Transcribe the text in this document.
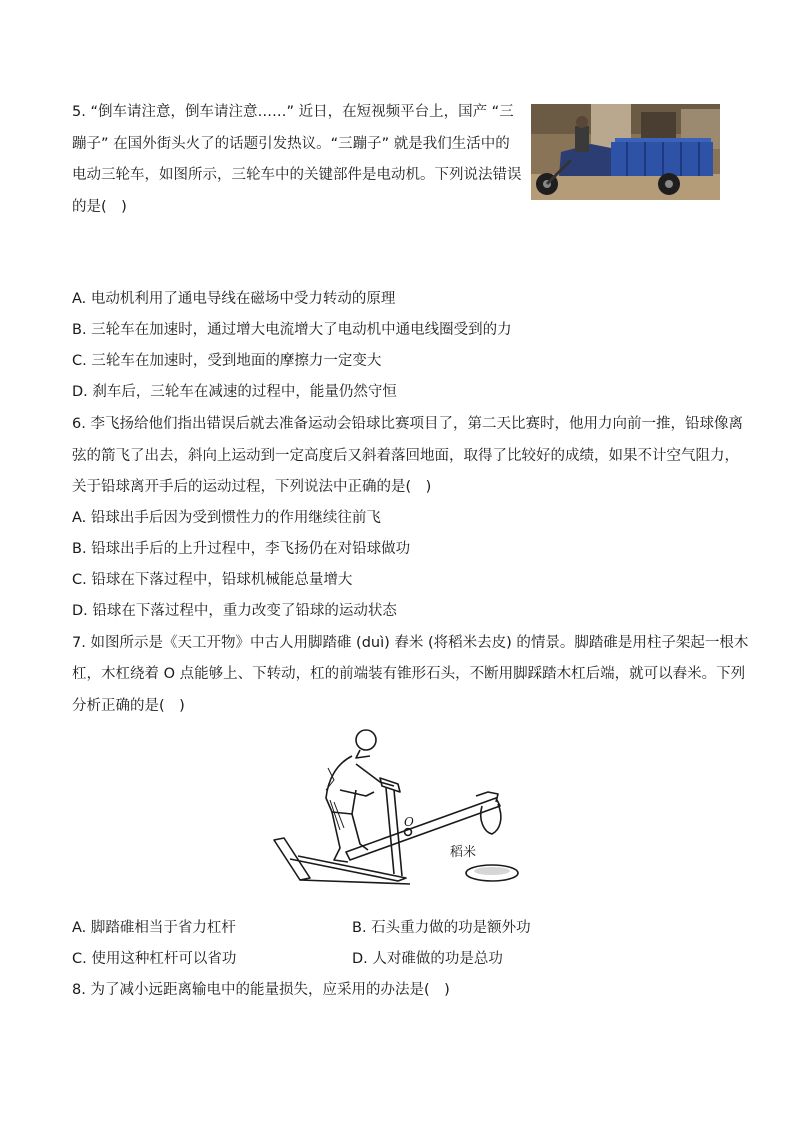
5. “倒车请注意，倒车请注意……” 近日，在短视频平台上，国产 “三
蹦子” 在国外街头火了的话题引发热议。“三蹦子” 就是我们生活中的
电动三轮车，如图所示，三轮车中的关键部件是电动机。下列说法错误
的是(　)
A. 电动机利用了通电导线在磁场中受力转动的原理
B. 三轮车在加速时，通过增大电流增大了电动机中通电线圈受到的力
C. 三轮车在加速时，受到地面的摩擦力一定变大
D. 刹车后，三轮车在减速的过程中，能量仍然守恒
6. 李飞扬给他们指出错误后就去准备运动会铅球比赛项目了，第二天比赛时，他用力向前一推，铅球像离
弦的箭飞了出去，斜向上运动到一定高度后又斜着落回地面，取得了比较好的成绩，如果不计空气阻力，
关于铅球离开手后的运动过程，下列说法中正确的是(　)
A. 铅球出手后因为受到惯性力的作用继续往前飞
B. 铅球出手后的上升过程中，李飞扬仍在对铅球做功
C. 铅球在下落过程中，铅球机械能总量增大
D. 铅球在下落过程中，重力改变了铅球的运动状态
7. 如图所示是《天工开物》中古人用脚踏碓 (duì) 舂米 (将稻米去皮) 的情景。脚踏碓是用柱子架起一根木
杠，木杠绕着 O 点能够上、下转动，杠的前端装有锥形石头，不断用脚踩踏木杠后端，就可以舂米。下列
分析正确的是(　)
O
稻米
A. 脚踏碓相当于省力杠杆	B. 石头重力做的功是额外功
C. 使用这种杠杆可以省功	D. 人对碓做的功是总功
8. 为了减小远距离输电中的能量损失，应采用的办法是(　)
